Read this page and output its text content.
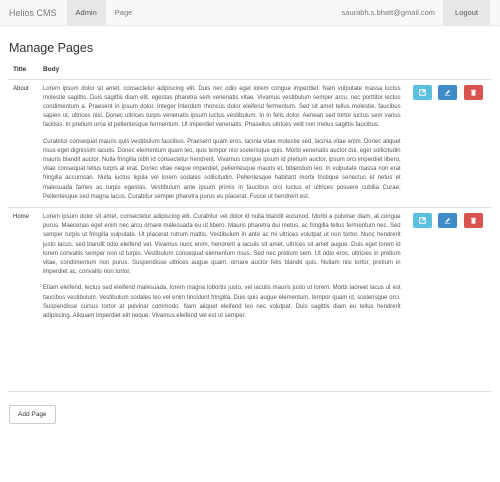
Helios CMS	Admin	Page	saurabh.s.bhatt@gmail.com	Logout
Manage Pages
Title	Body	
About	Lorem ipsum dolor sit amet, consectetur adipiscing elit. Duis nec odio eget lorem congue imperdiet. Nam vulputate massa luctus molestie sagittis. Duis sagittis diam elit, egestas pharetra sem venenatis vitae. Vivamus vestibulum semper arcu, nec porttitor lectus condimentum a. Praesent in ipsum dolor. Integer interdum rhoncus dolor eleifend fermentum. Sed sit amet tellus molestie, faucibus sapien ut, ultrices nisl. Donec ultrices turpis venenatis ipsum luctus vestibulum. In in felis dolor. Aenean sed tortor luctus sem varius facilisis. In pretium urna id pellentesque fermentum. Ut imperdiet venenatis. Phasellus ultrices velit non metus sagittis faucibus.

Curabitur consequat mauris quis vestibulum faucibus. Praesent quam eros, lacinia vitae molestie sed, lacinia vitae enim. Donec aliquet risus eget dignissim iaculis. Donec elementum quam leo, quis tempor nisl scelerisque quis. Morbi venenatis auctor dui, eget sollicitudin mauris blandit auctor. Nulla fringilla nibh id consectetur hendrerit. Vivamus congue ipsum id pretium auctor, ipsum orci imperdiet libero, vitae consequat tellus turpis at erat. Donec vitae neque imperdiet, pellentesque mauris et, bibendum leo. In vulputate massa non erat fringilla accumsan. Nulla luctus ligula vel lorem sodales sollicitudin. Pellentesque habitant morbi tristique senectus et netus et malesuada fames ac turpis egestas. Vestibulum ante ipsum primis in faucibus orci luctus et ultrices posuere cubilia Curae; Pellentesque sed magna lacus. Curabitur semper pharetra purus eu placerat. Fusce ut hendrerit est.

Home	Lorem ipsum dolor sit amet, consectetur adipiscing elit. Curabitur vel dolor id nulla blandit euismod. Morbi a pulvinar diam, at congue purus. Maecenas eget enim nec arcu ornare malesuada eu ut libero. Mauris pharetra dui metus, ac fringilla tellus fermentum nec. Sed semper turpis ut fringilla vulputate. Ut placerat rutrum mattis. Vestibulum in ante ac mi ultrices volutpat ut non tortor. Nunc hendrerit justo lacus, sed blandit odio eleifend vel. Vivamus nunc enim, hendrerit a iaculis sit amet, ultrices sit amet augue. Duis eget lorem id lorem convallis semper non id turpis. Vestibulum consequat elementum risus. Sed nec pretium sem. Ut odio eros, ultricies in pretium vitae, condimentum non purus. Suspendisse ultrices augue quam, ornare auctor felis blandit quis. Nullam nisi tortor, pretium in imperdiet ac, convallis non tortor.

Etiam eleifend, lectus sed eleifend malesuada, lorem magna lobortis justo, vel iaculis mauris justo ut lorem. Morbi laoreet lacus ut est faucibus vestibulum. Vestibulum sodales leo vel enim tincidunt fringilla. Duis quis augue elementum, tempor quam id, scelerisque orci. Suspendisse cursus tortor at pulvinar commodo. Nam aliquet eleifend leo nec volutpat. Duis sagittis diam eu tellus hendrerit adipiscing. Aliquam imperdiet elit neque. Vivamus eleifend vel est ut semper.

Add Page
